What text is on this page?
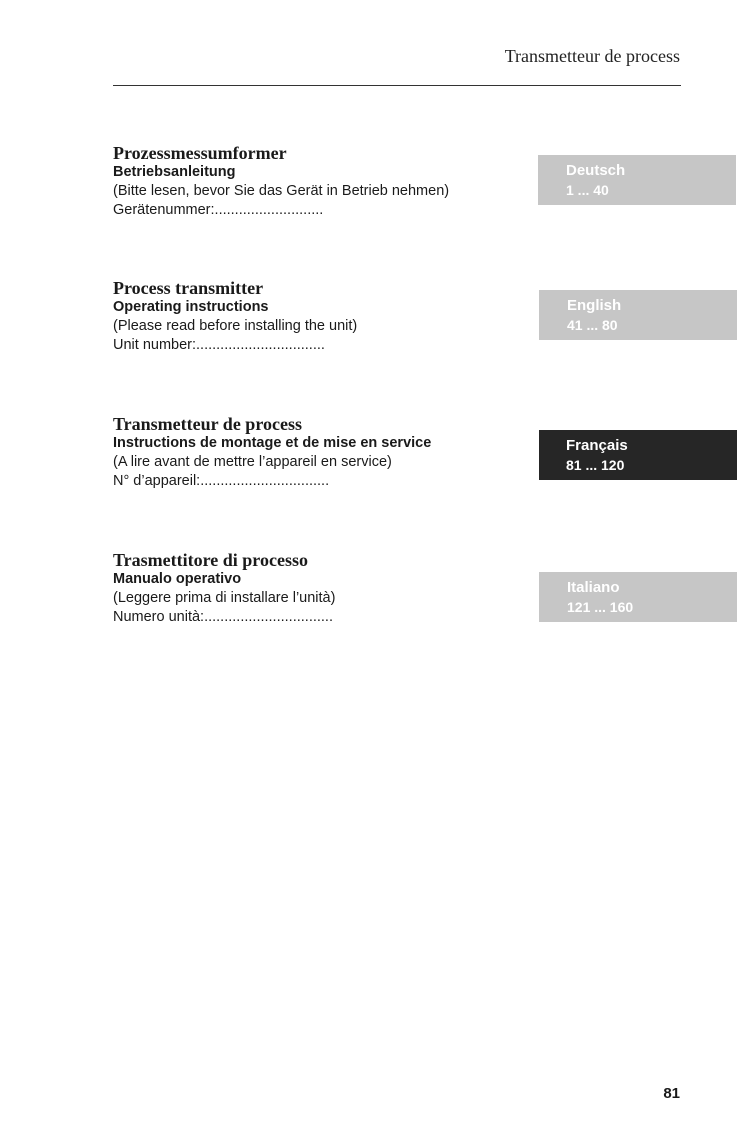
Transmetteur de process
Prozessmessumformer
Betriebsanleitung
(Bitte lesen, bevor Sie das Gerät in Betrieb nehmen)
Gerätenummer:...........................
Deutsch
1 ... 40
Process transmitter
Operating instructions
(Please read before installing the unit)
Unit number:................................
English
41 ... 80
Transmetteur de process
Instructions de montage et de mise en service
(A lire avant de mettre l’appareil en service)
N° d’appareil:................................
Français
81 ... 120
Trasmettitore di processo
Manualo operativo
(Leggere prima di installare l’unità)
Numero unità:................................
Italiano
121 ... 160
81
